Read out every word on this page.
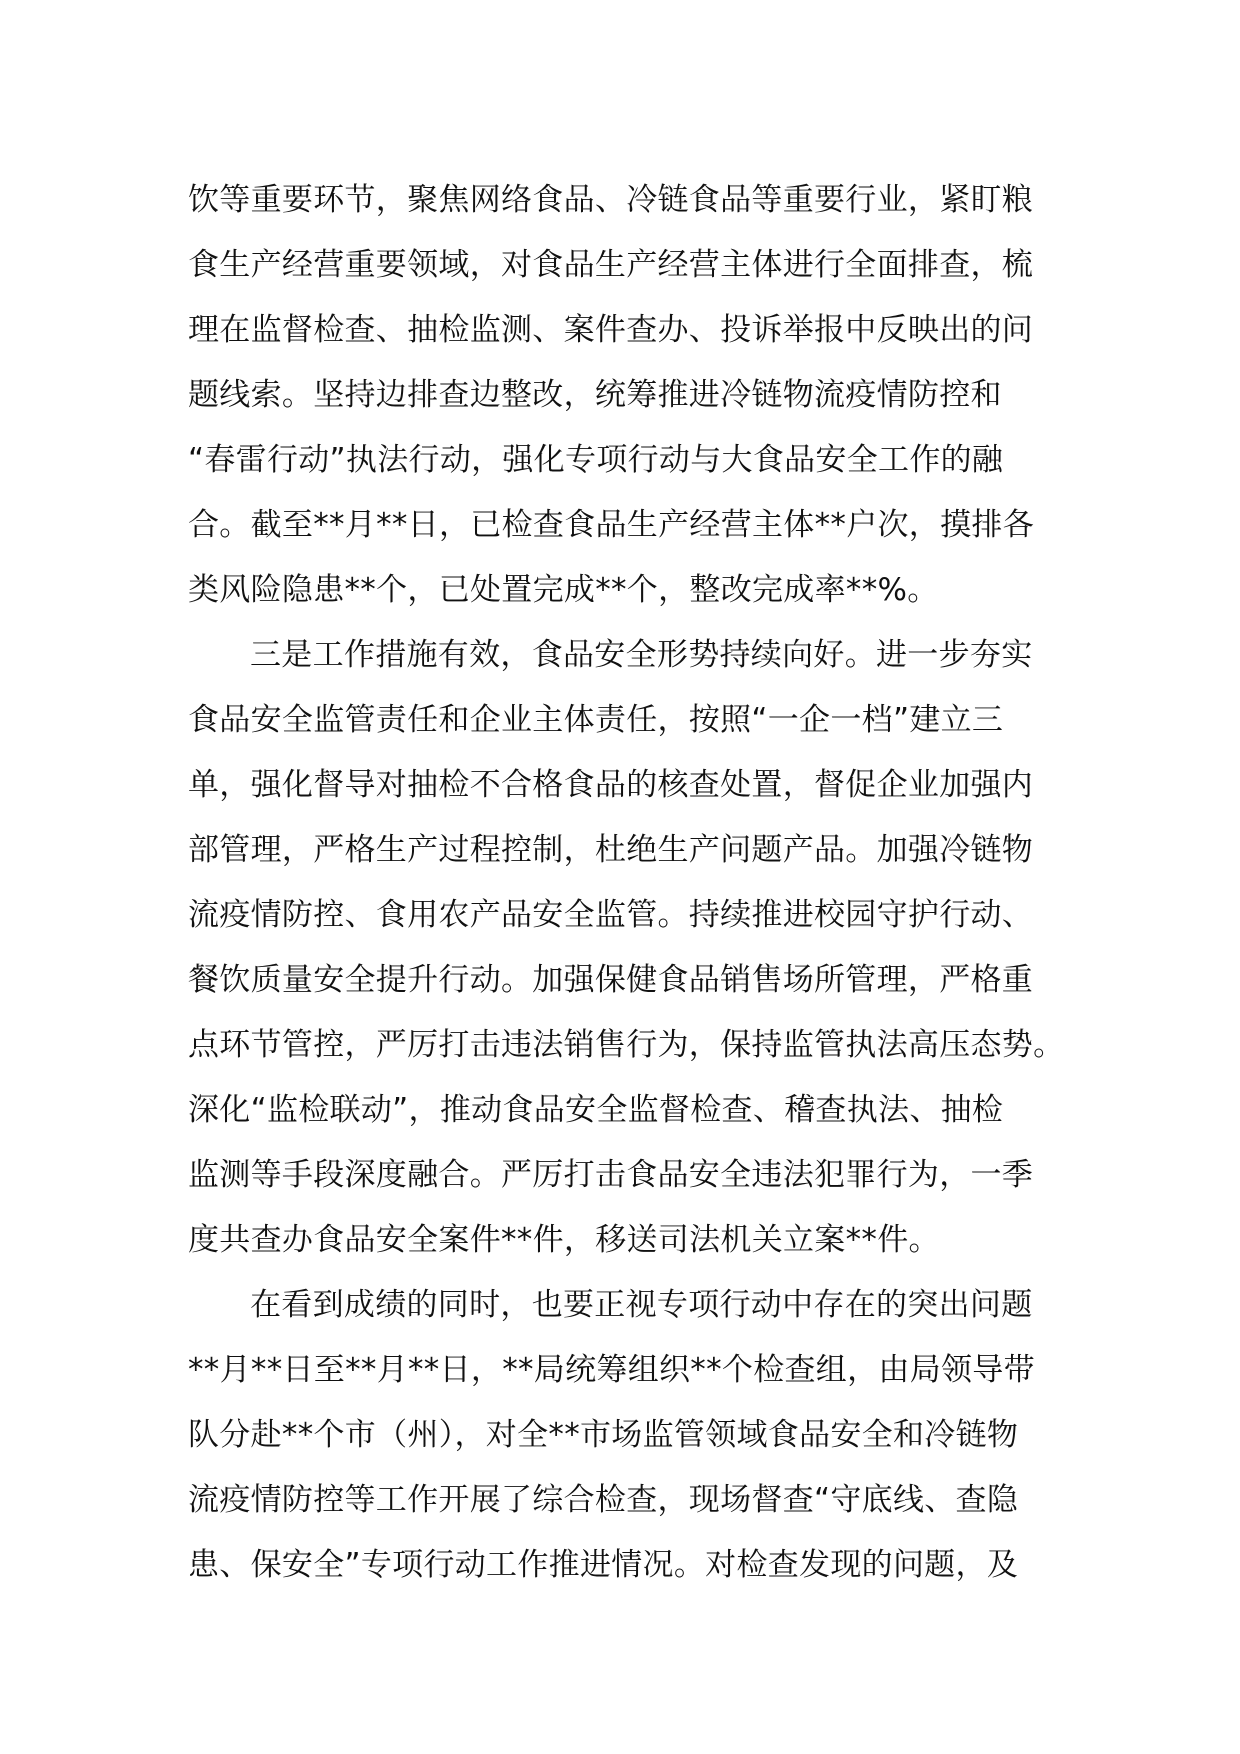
饮等重要环节，聚焦网络食品、冷链食品等重要行业，紧盯粮
食生产经营重要领域，对食品生产经营主体进行全面排查，梳
理在监督检查、抽检监测、案件查办、投诉举报中反映出的问
题线索。坚持边排查边整改，统筹推进冷链物流疫情防控和
“春雷行动”执法行动，强化专项行动与大食品安全工作的融
合。截至**月**日，已检查食品生产经营主体**户次，摸排各
类风险隐患**个，已处置完成**个，整改完成率**%。
三是工作措施有效，食品安全形势持续向好。进一步夯实
食品安全监管责任和企业主体责任，按照“一企一档”建立三
单，强化督导对抽检不合格食品的核查处置，督促企业加强内
部管理，严格生产过程控制，杜绝生产问题产品。加强冷链物
流疫情防控、食用农产品安全监管。持续推进校园守护行动、
餐饮质量安全提升行动。加强保健食品销售场所管理，严格重
点环节管控，严厉打击违法销售行为，保持监管执法高压态势。
深化“监检联动”，推动食品安全监督检查、稽查执法、抽检
监测等手段深度融合。严厉打击食品安全违法犯罪行为，一季
度共查办食品安全案件**件，移送司法机关立案**件。
在看到成绩的同时，也要正视专项行动中存在的突出问题
**月**日至**月**日，**局统筹组织**个检查组，由局领导带
队分赴**个市（州），对全**市场监管领域食品安全和冷链物
流疫情防控等工作开展了综合检查，现场督查“守底线、查隐
患、保安全”专项行动工作推进情况。对检查发现的问题，及
